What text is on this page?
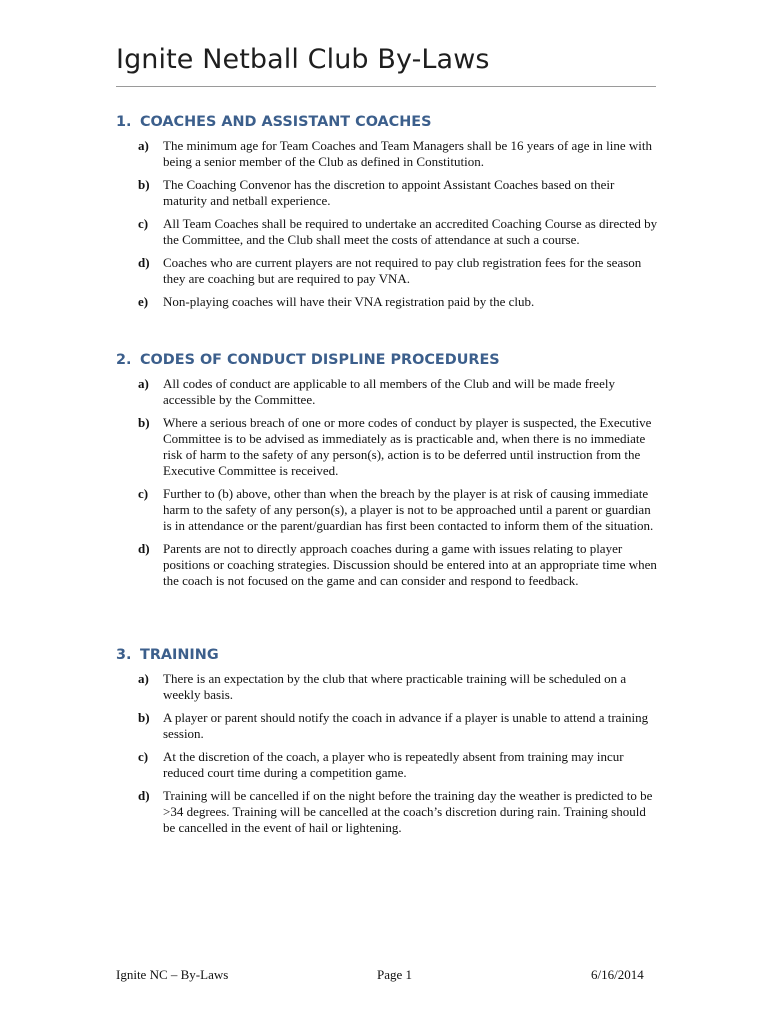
Ignite Netball Club By-Laws
1. COACHES AND ASSISTANT COACHES
a) The minimum age for Team Coaches and Team Managers shall be 16 years of age in line with being a senior member of the Club as defined in Constitution.
b) The Coaching Convenor has the discretion to appoint Assistant Coaches based on their maturity and netball experience.
c) All Team Coaches shall be required to undertake an accredited Coaching Course as directed by the Committee, and the Club shall meet the costs of attendance at such a course.
d) Coaches who are current players are not required to pay club registration fees for the season they are coaching but are required to pay VNA.
e) Non-playing coaches will have their VNA registration paid by the club.
2. CODES OF CONDUCT DISPLINE PROCEDURES
a) All codes of conduct are applicable to all members of the Club and will be made freely accessible by the Committee.
b) Where a serious breach of one or more codes of conduct by player is suspected, the Executive Committee is to be advised as immediately as is practicable and, when there is no immediate risk of harm to the safety of any person(s), action is to be deferred until instruction from the Executive Committee is received.
c) Further to (b) above, other than when the breach by the player is at risk of causing immediate harm to the safety of any person(s), a player is not to be approached until a parent or guardian is in attendance or the parent/guardian has first been contacted to inform them of the situation.
d) Parents are not to directly approach coaches during a game with issues relating to player positions or coaching strategies. Discussion should be entered into at an appropriate time when the coach is not focused on the game and can consider and respond to feedback.
3. TRAINING
a) There is an expectation by the club that where practicable training will be scheduled on a weekly basis.
b) A player or parent should notify the coach in advance if a player is unable to attend a training session.
c) At the discretion of the coach, a player who is repeatedly absent from training may incur reduced court time during a competition game.
d) Training will be cancelled if on the night before the training day the weather is predicted to be >34 degrees. Training will be cancelled at the coach’s discretion during rain. Training should be cancelled in the event of hail or lightening.
Ignite NC – By-Laws	Page 1	6/16/2014
